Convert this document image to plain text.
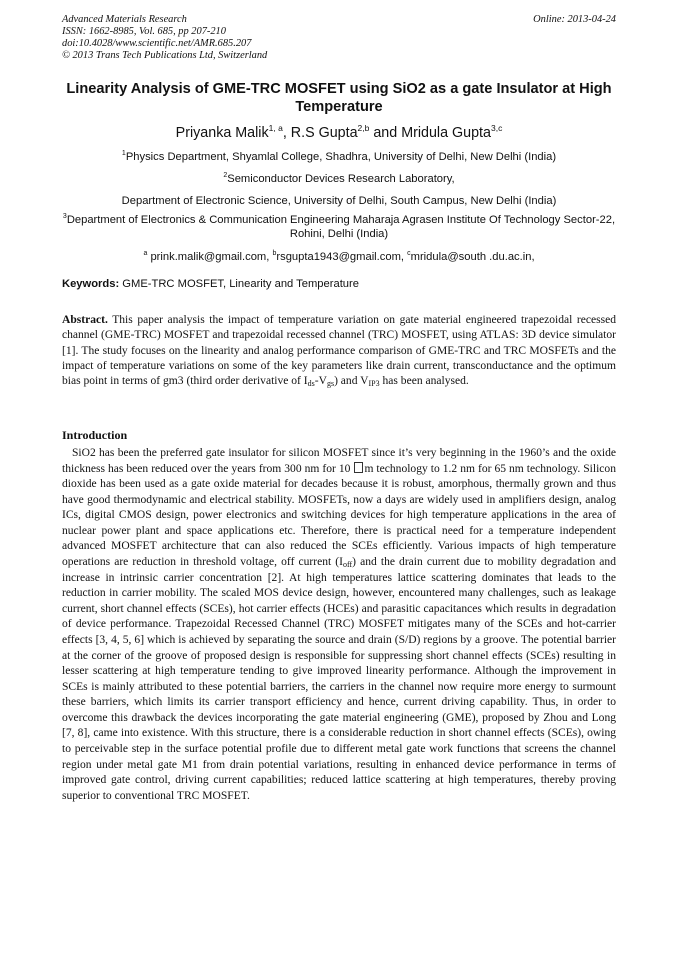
Advanced Materials Research
ISSN: 1662-8985, Vol. 685, pp 207-210
doi:10.4028/www.scientific.net/AMR.685.207
© 2013 Trans Tech Publications Ltd, Switzerland
Online: 2013-04-24
Linearity Analysis of GME-TRC MOSFET using SiO2 as a gate Insulator at High Temperature
Priyanka Malik$^{1, a}$, R.S Gupta$^{2,b}$ and Mridula Gupta$^{3,c}$
$^1$Physics Department, Shyamlal College, Shadhra, University of Delhi, New Delhi (India)
$^2$Semiconductor Devices Research Laboratory,
Department of Electronic Science, University of Delhi, South Campus, New Delhi (India)
$^3$Department of Electronics & Communication Engineering Maharaja Agrasen Institute Of Technology Sector-22, Rohini, Delhi (India)
$^a$ prink.malik@gmail.com, $^b$rsgupta1943@gmail.com, $^c$mridula@south .du.ac.in,
Keywords: GME-TRC MOSFET, Linearity and Temperature

Abstract. This paper analysis the impact of temperature variation on gate material engineered trapezoidal recessed channel (GME-TRC) MOSFET and trapezoidal recessed channel (TRC) MOSFET, using ATLAS: 3D device simulator [1]. The study focuses on the linearity and analog performance comparison of GME-TRC and TRC MOSFETs and the impact of temperature variations on some of the key parameters like drain current, transconductance and the optimum bias point in terms of gm3 (third order derivative of $I_{ds}-V_{gs}$) and $V_{IP3}$ has been analysed.

Introduction

SiO2 has been the preferred gate insulator for silicon MOSFET since it’s very beginning in the 1960’s and the oxide thickness has been reduced over the years from 300 nm for 10 m technology to 1.2 nm for 65 nm technology. Silicon dioxide has been used as a gate oxide material for decades because it is robust, amorphous, thermally grown and thus have good thermodynamic and electrical stability. MOSFETs, now a days are widely used in amplifiers design, analog ICs, digital CMOS design, power electronics and switching devices for high temperature applications in the area of nuclear power plant and space applications etc. Therefore, there is practical need for a temperature independent advanced MOSFET architecture that can also reduced the SCEs efficiently. Various impacts of high temperature operations are reduction in threshold voltage, off current $(I_{off})$ and the drain current due to mobility degradation and increase in intrinsic carrier concentration [2]. At high temperatures lattice scattering dominates that leads to the reduction in carrier mobility. The scaled MOS device design, however, encountered many challenges, such as leakage current, short channel effects (SCEs), hot carrier effects (HCEs) and parasitic capacitances which results in degradation of device performance. Trapezoidal Recessed Channel (TRC) MOSFET mitigates many of the SCEs and hot-carrier effects [3, 4, 5, 6] which is achieved by separating the source and drain (S/D) regions by a groove. The potential barrier at the corner of the groove of proposed design is responsible for suppressing short channel effects (SCEs) resulting in lesser scattering at high temperature tending to give improved linearity performance. Although the improvement in SCEs is mainly attributed to these potential barriers, the carriers in the channel now require more energy to surmount these barriers, which limits its carrier transport efficiency and hence, current driving capability. Thus, in order to overcome this drawback the devices incorporating the gate material engineering (GME), proposed by Zhou and Long [7, 8], came into existence. With this structure, there is a considerable reduction in short channel effects (SCEs), owing to perceivable step in the surface potential profile due to different metal gate work functions that screens the channel region under metal gate M1 from drain potential variations, resulting in enhanced device performance in terms of improved gate control, driving current capabilities; reduced lattice scattering at high temperatures, thereby proving superior to conventional TRC MOSFET.
